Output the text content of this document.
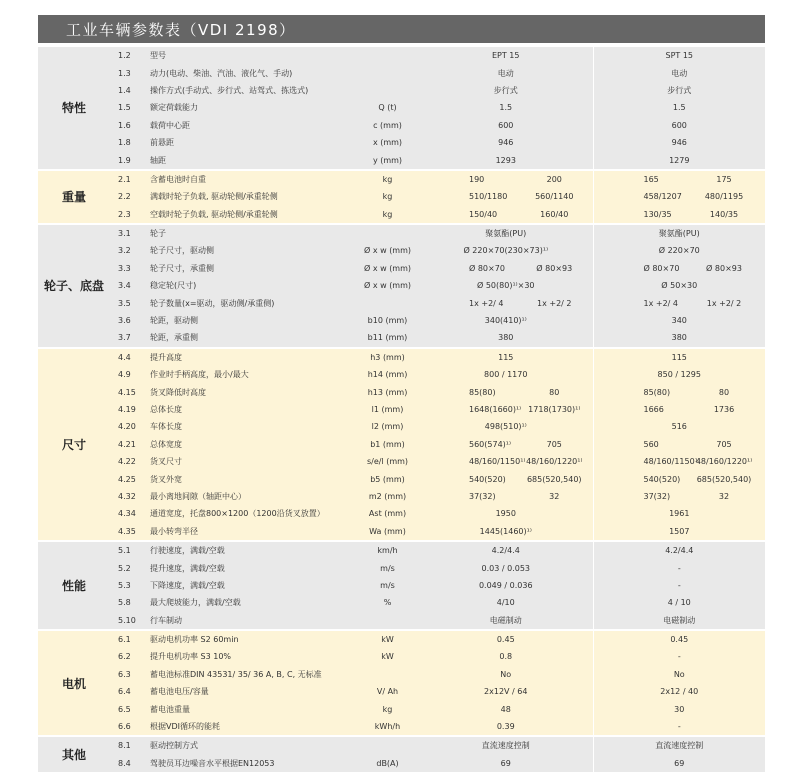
工业车辆参数表（VDI 2198）
特性	1.2	型号		EPT 15		SPT 15	
	1.3	动力(电动、柴油、汽油、液化气、手动)		电动		电动	
	1.4	操作方式(手动式、步行式、站驾式、拣选式)		步行式		步行式	
	1.5	额定荷载能力	Q (t)	1.5		1.5	
	1.6	载荷中心距	c (mm)	600		600	
	1.8	前悬距	x (mm)	946		946	
	1.9	轴距	y (mm)	1293		1279	
重量	2.1	含蓄电池时自重	kg	190	200	165	175
	2.2	满载时轮子负载, 驱动轮侧/承重轮侧	kg	510/1180	560/1140	458/1207	480/1195
	2.3	空载时轮子负载, 驱动轮侧/承重轮侧	kg	150/40	160/40	130/35	140/35
轮子、底盘	3.1	轮子		聚氨酯(PU)		聚氨酯(PU)	
	3.2	轮子尺寸，驱动侧	Ø x w (mm)	Ø 220×70(230×73)¹⁾		Ø 220×70	
	3.3	轮子尺寸，承重侧	Ø x w (mm)	Ø 80×70	Ø 80×93	Ø 80×70	Ø 80×93
	3.4	稳定轮(尺寸)	Ø x w (mm)	Ø 50(80)¹⁾×30		Ø 50×30	
	3.5	轮子数量(x=驱动，驱动侧/承重侧)		1x +2/ 4	1x +2/ 2	1x +2/ 4	1x +2/ 2
	3.6	轮距，驱动侧	b10 (mm)	340(410)¹⁾		340	
	3.7	轮距，承重侧	b11 (mm)	380		380	
尺寸	4.4	提升高度	h3 (mm)	115		115	
	4.9	作业时手柄高度，最小/最大	h14 (mm)	800 / 1170		850 / 1295	
	4.15	货叉降低时高度	h13 (mm)	85(80)	80	85(80)	80
	4.19	总体长度	l1 (mm)	1648(1660)¹⁾	1718(1730)¹⁾	1666	1736
	4.20	车体长度	l2 (mm)	498(510)¹⁾		516	
	4.21	总体宽度	b1 (mm)	560(574)¹⁾	705	560	705
	4.22	货叉尺寸	s/e/l (mm)	48/160/1150¹⁾	48/160/1220¹⁾	48/160/1150¹⁾	48/160/1220¹⁾
	4.25	货叉外宽	b5 (mm)	540(520)	685(520,540)	540(520)	685(520,540)
	4.32	最小离地间隙（轴距中心）	m2 (mm)	37(32)	32	37(32)	32
	4.34	通道宽度，托盘800×1200（1200沿货叉放置）	Ast (mm)	1950		1961	
	4.35	最小转弯半径	Wa (mm)	1445(1460)¹⁾		1507	
性能	5.1	行驶速度，满载/空载	km/h	4.2/4.4		4.2/4.4	
	5.2	提升速度，满载/空载	m/s	0.03 / 0.053		-	
	5.3	下降速度，满载/空载	m/s	0.049 / 0.036		-	
	5.8	最大爬坡能力，满载/空载	%	4/10		4 / 10	
	5.10	行车制动		电磁制动		电磁制动	
电机	6.1	驱动电机功率 S2 60min	kW	0.45		0.45	
	6.2	提升电机功率 S3 10%	kW	0.8		-	
	6.3	蓄电池标准DIN 43531/ 35/ 36 A, B, C, 无标准		No		No	
	6.4	蓄电池电压/容量	V/ Ah	2x12V / 64		2x12 / 40	
	6.5	蓄电池重量	kg	48		30	
	6.6	根据VDI循环的能耗	kWh/h	0.39		-	
其他	8.1	驱动控制方式		直流速度控制		直流速度控制	
	8.4	驾驶员耳边噪音水平根据EN12053	dB(A)	69		69	
